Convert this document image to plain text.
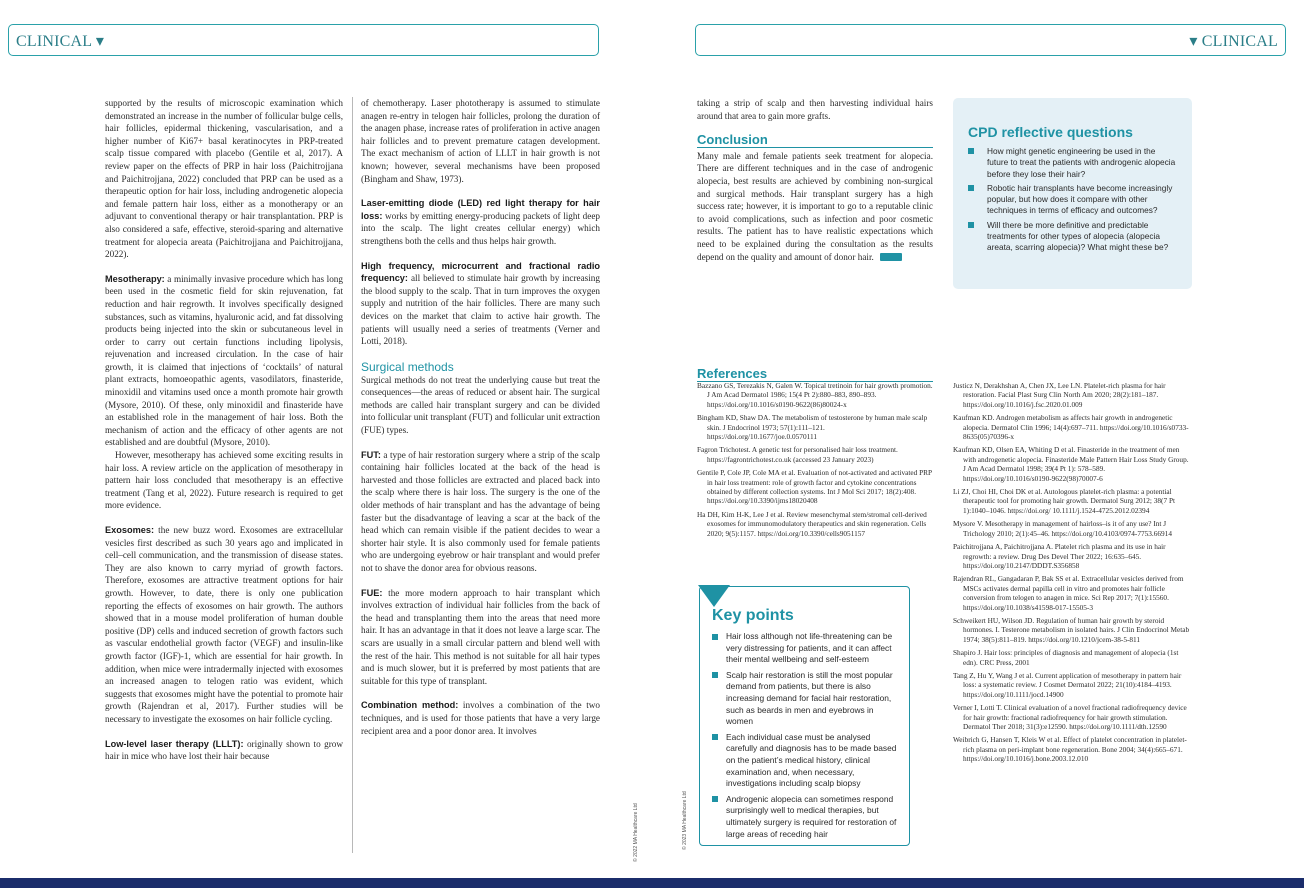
CLINICAL ▾	▾ CLINICAL

supported by the results of microscopic examination which demonstrated an increase in the number of follicular bulge cells, hair follicles, epidermal thickening, vascularisation, and a higher number of Ki67+ basal keratinocytes in PRP-treated scalp tissue compared with placebo (Gentile et al, 2017). A review paper on the effects of PRP in hair loss (Paichitrojjana and Paichitrojjana, 2022) concluded that PRP can be used as a therapeutic option for hair loss, including androgenetic alopecia and female pattern hair loss, either as a monotherapy or an adjuvant to conventional therapy or hair transplantation. PRP is also considered a safe, effective, steroid-sparing and alternative treatment for alopecia areata (Paichitrojjana and Paichitrojjana, 2022).

Mesotherapy: a minimally invasive procedure which has long been used in the cosmetic field for skin rejuvenation, fat reduction and hair regrowth. It involves specifically designed substances, such as vitamins, hyaluronic acid, and fat dissolving products being injected into the skin or subcutaneous level in order to carry out certain functions including lipolysis, rejuvenation and increased circulation. In the case of hair growth, it is claimed that injections of ‘cocktails’ of natural plant extracts, homoeopathic agents, vasodilators, finasteride, minoxidil and vitamins used once a month promote hair growth (Mysore, 2010). Of these, only minoxidil and finasteride have an established role in the management of hair loss. Both the mechanism of action and the efficacy of other agents are not established and are doubtful (Mysore, 2010).

However, mesotherapy has achieved some exciting results in hair loss. A review article on the application of mesotherapy in pattern hair loss concluded that mesotherapy is an effective treatment (Tang et al, 2022). Future research is required to get more evidence.

Exosomes: the new buzz word. Exosomes are extracellular vesicles first described as such 30 years ago and implicated in cell–cell communication, and the transmission of disease states. They are also known to carry myriad of growth factors. Therefore, exosomes are attractive treatment options for hair growth. However, to date, there is only one publication reporting the effects of exosomes on hair growth. The authors showed that in a mouse model proliferation of human double positive (DP) cells and induced secretion of growth factors such as vascular endothelial growth factor (VEGF) and insulin-like growth factor (IGF)-1, which are essential for hair growth. In addition, when mice were intradermally injected with exosomes an increased anagen to telogen ratio was evident, which suggests that exosomes might have the potential to promote hair growth (Rajendran et al, 2017). Further studies will be necessary to investigate the exosomes on hair follicle cycling.

Low-level laser therapy (LLLT): originally shown to grow hair in mice who have lost their hair because

of chemotherapy. Laser phototherapy is assumed to stimulate anagen re-entry in telogen hair follicles, prolong the duration of the anagen phase, increase rates of proliferation in active anagen hair follicles and to prevent premature catagen development. The exact mechanism of action of LLLT in hair growth is not known; however, several mechanisms have been proposed (Bingham and Shaw, 1973).

Laser-emitting diode (LED) red light therapy for hair loss: works by emitting energy-producing packets of light deep into the scalp. The light creates cellular energy) which strengthens both the cells and thus helps hair growth.

High frequency, microcurrent and fractional radio frequency: all believed to stimulate hair growth by increasing the blood supply to the scalp. That in turn improves the oxygen supply and nutrition of the hair follicles. There are many such devices on the market that claim to active hair growth. The patients will usually need a series of treatments (Verner and Lotti, 2018).

Surgical methods

Surgical methods do not treat the underlying cause but treat the consequences—the areas of reduced or absent hair. The surgical methods are called hair transplant surgery and can be divided into follicular unit transplant (FUT) and follicular unit extraction (FUE) types.

FUT: a type of hair restoration surgery where a strip of the scalp containing hair follicles located at the back of the head is harvested and those follicles are extracted and placed back into the scalp where there is hair loss. The surgery is the one of the older methods of hair transplant and has the advantage of being faster but the disadvantage of leaving a scar at the back of the head which can remain visible if the patient decides to wear a shorter hair style. It is also commonly used for female patients who are undergoing eyebrow or hair transplant and would prefer not to shave the donor area for obvious reasons.

FUE: the more modern approach to hair transplant which involves extraction of individual hair follicles from the back of the head and transplanting them into the areas that need more hair. It has an advantage in that it does not leave a large scar. The scars are usually in a small circular pattern and blend well with the rest of the hair. This method is not suitable for all hair types and is much slower, but it is preferred by most patients that are suitable for this type of transplant.

Combination method: involves a combination of the two techniques, and is used for those patients that have a very large recipient area and a poor donor area. It involves

taking a strip of scalp and then harvesting individual hairs around that area to gain more grafts.

Conclusion

Many male and female patients seek treatment for alopecia. There are different techniques and in the case of androgenic alopecia, best results are achieved by combining non-surgical and surgical methods. Hair transplant surgery has a high success rate; however, it is important to go to a reputable clinic to avoid complications, such as infection and poor cosmetic results. The patient has to have realistic expectations which need to be explained during the consultation as the results depend on the quality and amount of donor hair.

CPD reflective questions
How might genetic engineering be used in the future to treat the patients with androgenic alopecia before they lose their hair?
Robotic hair transplants have become increasingly popular, but how does it compare with other techniques in terms of efficacy and outcomes?
Will there be more definitive and predictable treatments for other types of alopecia (alopecia areata, scarring alopecia)? What might these be?
References
Bazzano GS, Terezakis N, Galen W. Topical tretinoin for hair growth promotion. J Am Acad Dermatol 1986; 15(4 Pt 2):880–883, 890–893. https://doi.org/10.1016/s0190-9622(86)80024-x
Bingham KD, Shaw DA. The metabolism of testosterone by human male scalp skin. J Endocrinol 1973; 57(1):111–121. https://doi.org/10.1677/joe.0.0570111
Fagron Trichotest. A genetic test for personalised hair loss treatment. https://fagrontrichotest.co.uk (accessed 23 January 2023)
Gentile P, Cole JP, Cole MA et al. Evaluation of not-activated and activated PRP in hair loss treatment: role of growth factor and cytokine concentrations obtained by different collection systems. Int J Mol Sci 2017; 18(2):408. https://doi.org/10.3390/ijms18020408
Ha DH, Kim H-K, Lee J et al. Review mesenchymal stem/stromal cell-derived exosomes for immunomodulatory therapeutics and skin regeneration. Cells 2020; 9(5):1157. https://doi.org/10.3390/cells9051157
Justicz N, Derakhshan A, Chen JX, Lee LN. Platelet-rich plasma for hair restoration. Facial Plast Surg Clin North Am 2020; 28(2):181–187. https://doi.org/10.1016/j.fsc.2020.01.009
Kaufman KD. Androgen metabolism as affects hair growth in androgenetic alopecia. Dermatol Clin 1996; 14(4):697–711. https://doi.org/10.1016/s0733-8635(05)70396-x
Kaufman KD, Olsen EA, Whiting D et al. Finasteride in the treatment of men with androgenetic alopecia. Finasteride Male Pattern Hair Loss Study Group. J Am Acad Dermatol 1998; 39(4 Pt 1): 578–589. https://doi.org/10.1016/s0190-9622(98)70007-6
Li ZJ, Choi HI, Choi DK et al. Autologous platelet-rich plasma: a potential therapeutic tool for promoting hair growth. Dermatol Surg 2012; 38(7 Pt 1):1040–1046. https://doi.org/ 10.1111/j.1524-4725.2012.02394
Mysore V. Mesotherapy in management of hairloss–is it of any use? Int J Trichology 2010; 2(1):45–46. https://doi.org/10.4103/0974-7753.66914
Paichitrojjana A, Paichitrojjana A. Platelet rich plasma and its use in hair regrowth: a review. Drug Des Devel Ther 2022; 16:635–645. https://doi.org/10.2147/DDDT.S356858
Rajendran RL, Gangadaran P, Bak SS et al. Extracellular vesicles derived from MSCs activates dermal papilla cell in vitro and promotes hair follicle conversion from telogen to anagen in mice. Sci Rep 2017; 7(1):15560. https://doi.org/10.1038/s41598-017-15505-3
Schweikert HU, Wilson JD. Regulation of human hair growth by steroid hormones. I. Testerone metabolism in isolated hairs. J Clin Endocrinol Metab 1974; 38(5):811–819. https://doi.org/10.1210/jcem-38-5-811
Shapiro J. Hair loss: principles of diagnosis and management of alopecia (1st edn). CRC Press, 2001
Tang Z, Hu Y, Wang J et al. Current application of mesotherapy in pattern hair loss: a systematic review. J Cosmet Dermatol 2022; 21(10):4184–4193. https://doi.org/10.1111/jocd.14900
Verner I, Lotti T. Clinical evaluation of a novel fractional radiofrequency device for hair growth: fractional radiofrequency for hair growth stimulation. Dermatol Ther 2018; 31(3):e12590. https://doi.org/10.1111/dth.12590
Weibrich G, Hansen T, Kleis W et al. Effect of platelet concentration in platelet-rich plasma on peri-implant bone regeneration. Bone 2004; 34(4):665–671. https://doi.org/10.1016/j.bone.2003.12.010
Key points
Hair loss although not life-threatening can be very distressing for patients, and it can affect their mental wellbeing and self-esteem
Scalp hair restoration is still the most popular demand from patients, but there is also increasing demand for facial hair restoration, such as beards in men and eyebrows in women
Each individual case must be analysed carefully and diagnosis has to be made based on the patient’s medical history, clinical examination and, when necessary, investigations including scalp biopsy
Androgenic alopecia can sometimes respond surprisingly well to medical therapies, but ultimately surgery is required for restoration of large areas of receding hair
© 2022 MA Healthcare Ltd	© 2023 MA Healthcare Ltd
